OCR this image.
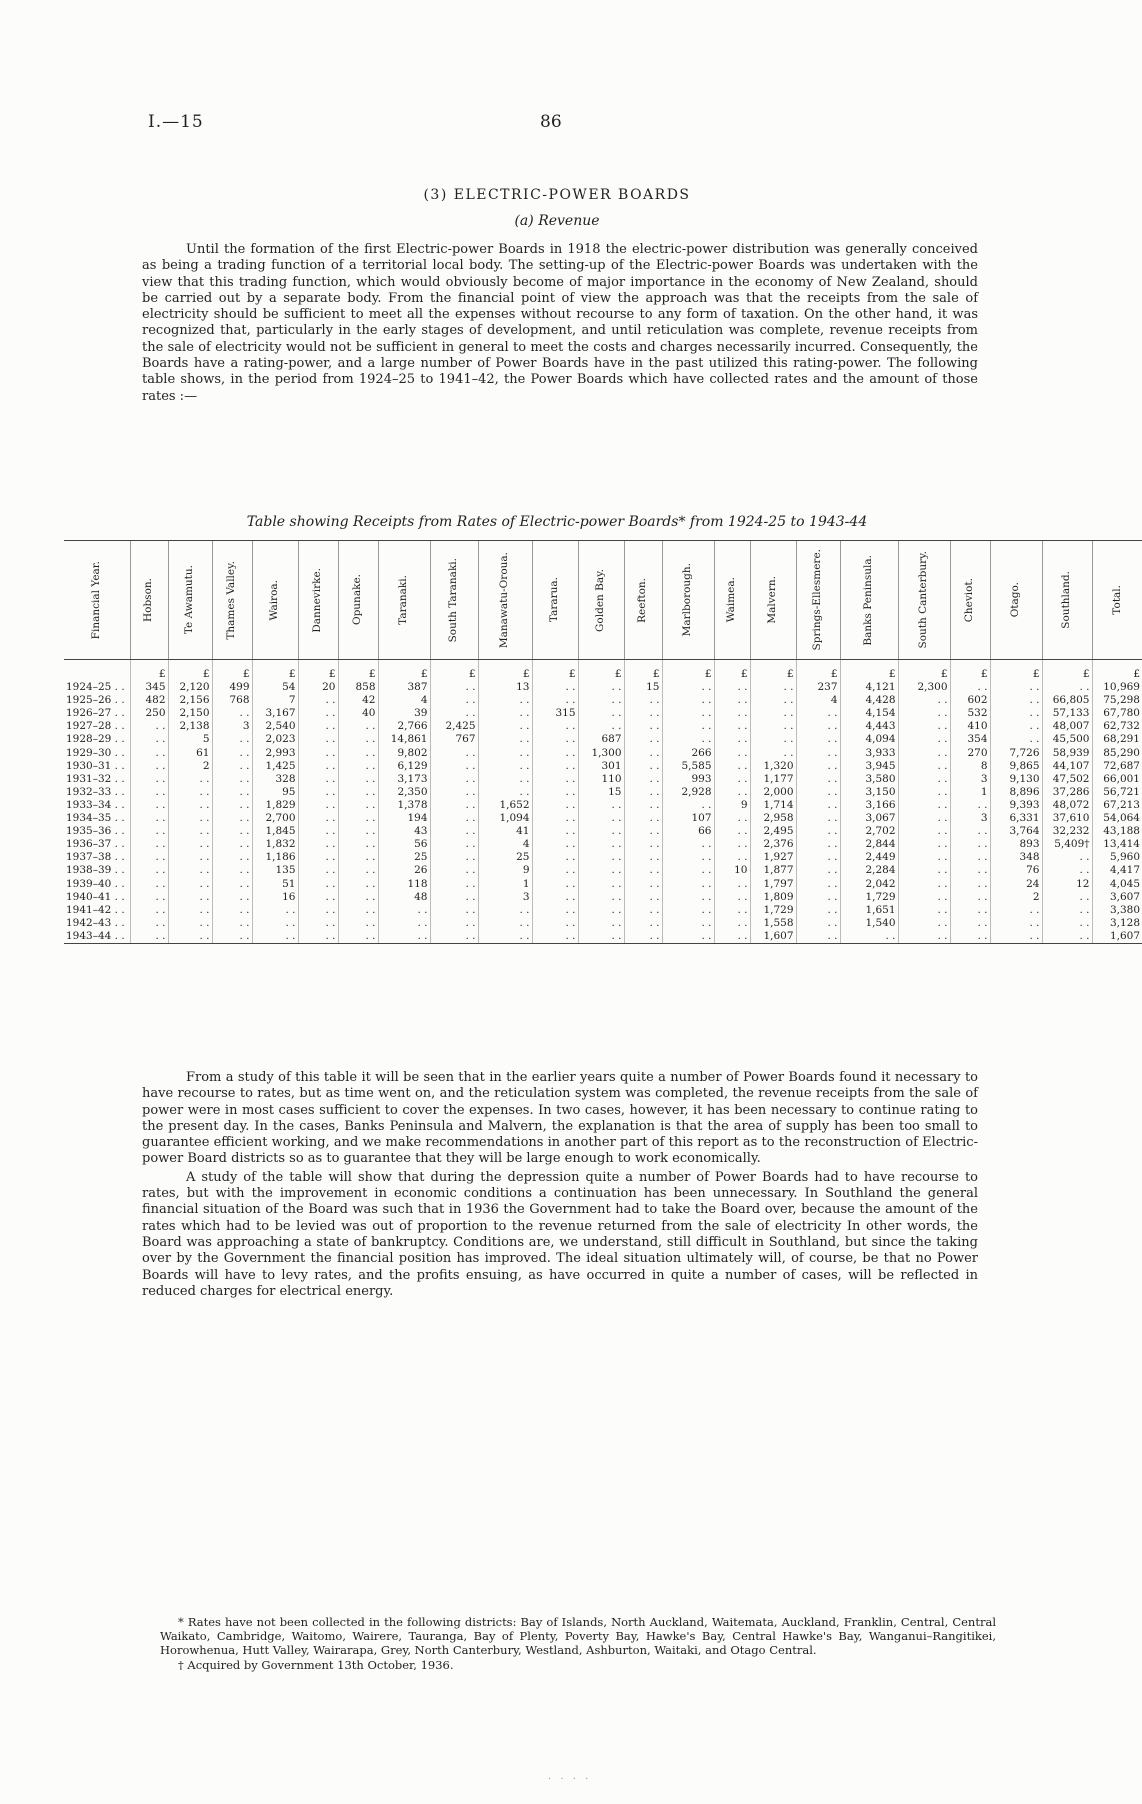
I.—15	86
(3) ELECTRIC-POWER BOARDS
(a) Revenue

Until the formation of the first Electric-power Boards in 1918 the electric-power distribution was generally conceived as being a trading function of a territorial local body. The setting-up of the Electric-power Boards was undertaken with the view that this trading function, which would obviously become of major importance in the economy of New Zealand, should be carried out by a separate body. From the financial point of view the approach was that the receipts from the sale of electricity should be sufficient to meet all the expenses without recourse to any form of taxation. On the other hand, it was recognized that, particularly in the early stages of development, and until reticulation was complete, revenue receipts from the sale of electricity would not be sufficient in general to meet the costs and charges necessarily incurred. Consequently, the Boards have a rating-power, and a large number of Power Boards have in the past utilized this rating-power. The following table shows, in the period from 1924–25 to 1941–42, the Power Boards which have collected rates and the amount of those rates :—

Table showing Receipts from Rates of Electric-power Boards* from 1924-25 to 1943-44
Financial Year.	Hobson.	Te Awamutu.	Thames Valley.	Wairoa.	Dannevirke.	Opunake.	Taranaki.	South Taranaki.	Manawatu-Oroua.	Tararua.	Golden Bay.	Reefton.	Marlborough.	Waimea.	Malvern.	Springs-Ellesmere.	Banks Peninsula.	South Canterbury.	Cheviot.	Otago.	Southland.	Total.

	£	£	£	£	£	£	£	£	£	£	£	£	£	£	£	£	£	£	£	£	£	£
1924–25 . .	345	2,120	499	54	20	858	387	. .	13	. .	. .	15	. .	. .	. .	237	4,121	2,300	. .	. .	. .	10,969
1925–26 . .	482	2,156	768	7	. .	42	4	. .	. .	. .	. .	. .	. .	. .	. .	4	4,428	. .	602	. .	66,805	75,298
1926–27 . .	250	2,150	. .	3,167	. .	40	39	. .	. .	315	. .	. .	. .	. .	. .	. .	4,154	. .	532	. .	57,133	67,780
1927–28 . .	. .	2,138	3	2,540	. .	. .	2,766	2,425	. .	. .	. .	. .	. .	. .	. .	. .	4,443	. .	410	. .	48,007	62,732
1928–29 . .	. .	5	. .	2,023	. .	. .	14,861	767	. .	. .	687	. .	. .	. .	. .	. .	4,094	. .	354	. .	45,500	68,291
1929–30 . .	. .	61	. .	2,993	. .	. .	9,802	. .	. .	. .	1,300	. .	266	. .	. .	. .	3,933	. .	270	7,726	58,939	85,290
1930–31 . .	. .	2	. .	1,425	. .	. .	6,129	. .	. .	. .	301	. .	5,585	. .	1,320	. .	3,945	. .	8	9,865	44,107	72,687
1931–32 . .	. .	. .	. .	328	. .	. .	3,173	. .	. .	. .	110	. .	993	. .	1,177	. .	3,580	. .	3	9,130	47,502	66,001
1932–33 . .	. .	. .	. .	95	. .	. .	2,350	. .	. .	. .	15	. .	2,928	. .	2,000	. .	3,150	. .	1	8,896	37,286	56,721
1933–34 . .	. .	. .	. .	1,829	. .	. .	1,378	. .	1,652	. .	. .	. .	. .	9	1,714	. .	3,166	. .	. .	9,393	48,072	67,213
1934–35 . .	. .	. .	. .	2,700	. .	. .	194	. .	1,094	. .	. .	. .	107	. .	2,958	. .	3,067	. .	3	6,331	37,610	54,064
1935–36 . .	. .	. .	. .	1,845	. .	. .	43	. .	41	. .	. .	. .	66	. .	2,495	. .	2,702	. .	. .	3,764	32,232	43,188
1936–37 . .	. .	. .	. .	1,832	. .	. .	56	. .	4	. .	. .	. .	. .	. .	2,376	. .	2,844	. .	. .	893	5,409†	13,414
1937–38 . .	. .	. .	. .	1,186	. .	. .	25	. .	25	. .	. .	. .	. .	. .	1,927	. .	2,449	. .	. .	348	. .	5,960
1938–39 . .	. .	. .	. .	135	. .	. .	26	. .	9	. .	. .	. .	. .	10	1,877	. .	2,284	. .	. .	76	. .	4,417
1939–40 . .	. .	. .	. .	51	. .	. .	118	. .	1	. .	. .	. .	. .	. .	1,797	. .	2,042	. .	. .	24	12	4,045
1940–41 . .	. .	. .	. .	16	. .	. .	48	. .	3	. .	. .	. .	. .	. .	1,809	. .	1,729	. .	. .	2	. .	3,607
1941–42 . .	. .	. .	. .	. .	. .	. .	. .	. .	. .	. .	. .	. .	. .	. .	1,729	. .	1,651	. .	. .	. .	. .	3,380
1942–43 . .	. .	. .	. .	. .	. .	. .	. .	. .	. .	. .	. .	. .	. .	. .	1,558	. .	1,540	. .	. .	. .	. .	3,128
1943–44 . .	. .	. .	. .	. .	. .	. .	. .	. .	. .	. .	. .	. .	. .	. .	1,607	. .	. .	. .	. .	. .	. .	1,607

From a study of this table it will be seen that in the earlier years quite a number of Power Boards found it necessary to have recourse to rates, but as time went on, and the reticulation system was completed, the revenue receipts from the sale of power were in most cases sufficient to cover the expenses. In two cases, however, it has been necessary to continue rating to the present day. In the cases, Banks Peninsula and Malvern, the explanation is that the area of supply has been too small to guarantee efficient working, and we make recommendations in another part of this report as to the reconstruction of Electric-power Board districts so as to guarantee that they will be large enough to work economically.

A study of the table will show that during the depression quite a number of Power Boards had to have recourse to rates, but with the improvement in economic conditions a continuation has been unnecessary. In Southland the general financial situation of the Board was such that in 1936 the Government had to take the Board over, because the amount of the rates which had to be levied was out of proportion to the revenue returned from the sale of electricity In other words, the Board was approaching a state of bankruptcy. Conditions are, we understand, still difficult in Southland, but since the taking over by the Government the financial position has improved. The ideal situation ultimately will, of course, be that no Power Boards will have to levy rates, and the profits ensuing, as have occurred in quite a number of cases, will be reflected in reduced charges for electrical energy.

* Rates have not been collected in the following districts: Bay of Islands, North Auckland, Waitemata, Auckland, Franklin, Central, Central Waikato, Cambridge, Waitomo, Wairere, Tauranga, Bay of Plenty, Poverty Bay, Hawke's Bay, Central Hawke's Bay, Wanganui–Rangitikei, Horowhenua, Hutt Valley, Wairarapa, Grey, North Canterbury, Westland, Ashburton, Waitaki, and Otago Central.

† Acquired by Government 13th October, 1936.

· · · ·
